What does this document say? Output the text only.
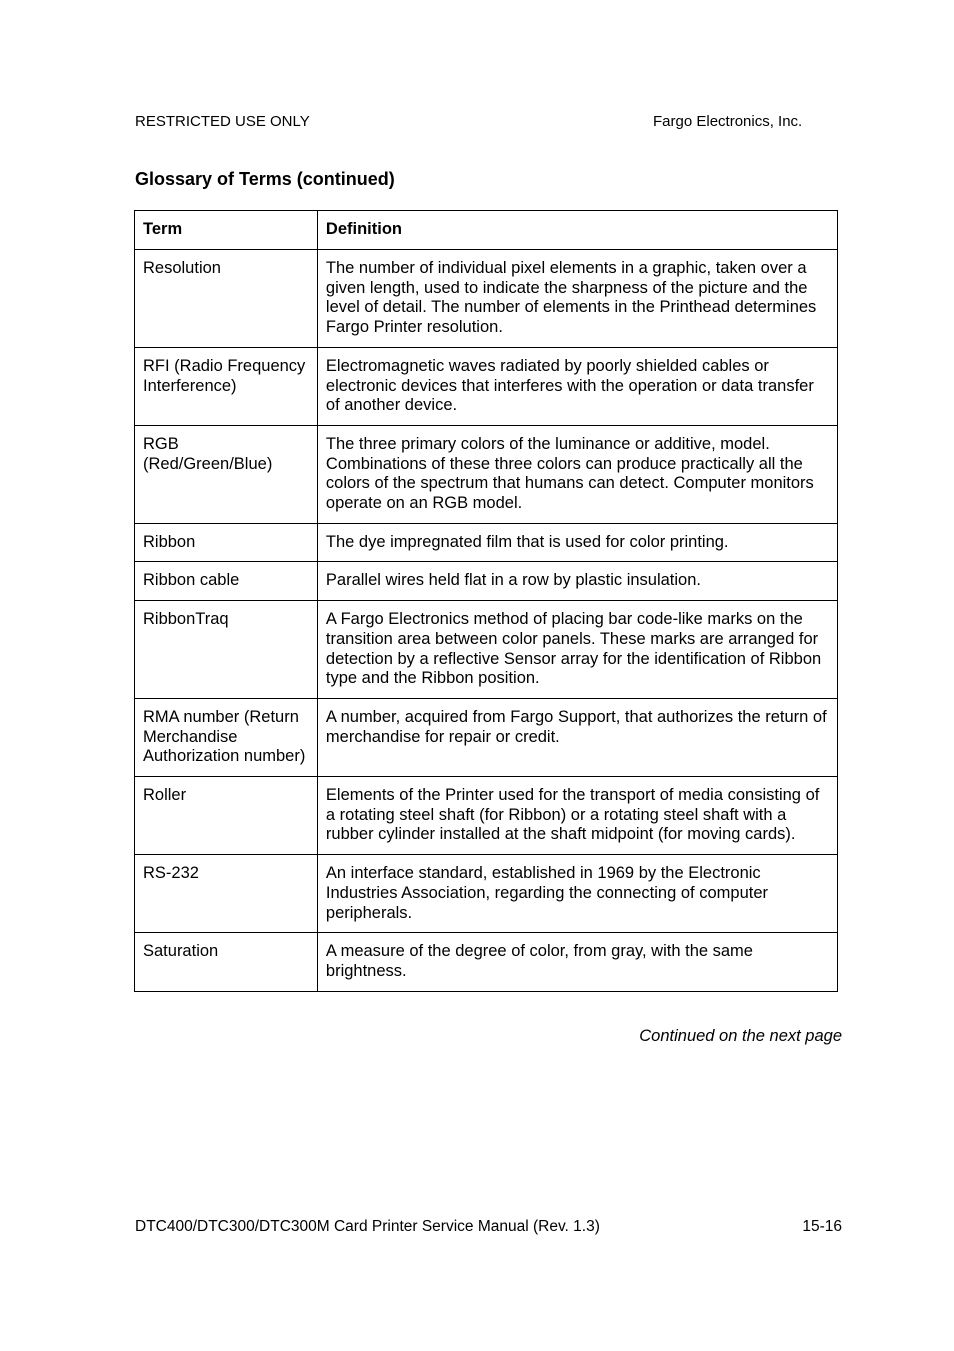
RESTRICTED USE ONLY	Fargo Electronics, Inc.
Glossary of Terms (continued)
Term	Definition
Resolution	The number of individual pixel elements in a graphic, taken over a given length, used to indicate the sharpness of the picture and the level of detail. The number of elements in the Printhead determines Fargo Printer resolution.
RFI (Radio Frequency Interference)	Electromagnetic waves radiated by poorly shielded cables or electronic devices that interferes with the operation or data transfer of another device.
RGB (Red/Green/Blue)	The three primary colors of the luminance or additive, model. Combinations of these three colors can produce practically all the colors of the spectrum that humans can detect. Computer monitors operate on an RGB model.
Ribbon	The dye impregnated film that is used for color printing.
Ribbon cable	Parallel wires held flat in a row by plastic insulation.
RibbonTraq	A Fargo Electronics method of placing bar code-like marks on the transition area between color panels. These marks are arranged for detection by a reflective Sensor array for the identification of Ribbon type and the Ribbon position.
RMA number (Return Merchandise Authorization number)	A number, acquired from Fargo Support, that authorizes the return of merchandise for repair or credit.
Roller	Elements of the Printer used for the transport of media consisting of a rotating steel shaft (for Ribbon) or a rotating steel shaft with a rubber cylinder installed at the shaft midpoint (for moving cards).
RS-232	An interface standard, established in 1969 by the Electronic Industries Association, regarding the connecting of computer peripherals.
Saturation	A measure of the degree of color, from gray, with the same brightness.
Continued on the next page
DTC400/DTC300/DTC300M Card Printer Service Manual (Rev. 1.3)	15-16
